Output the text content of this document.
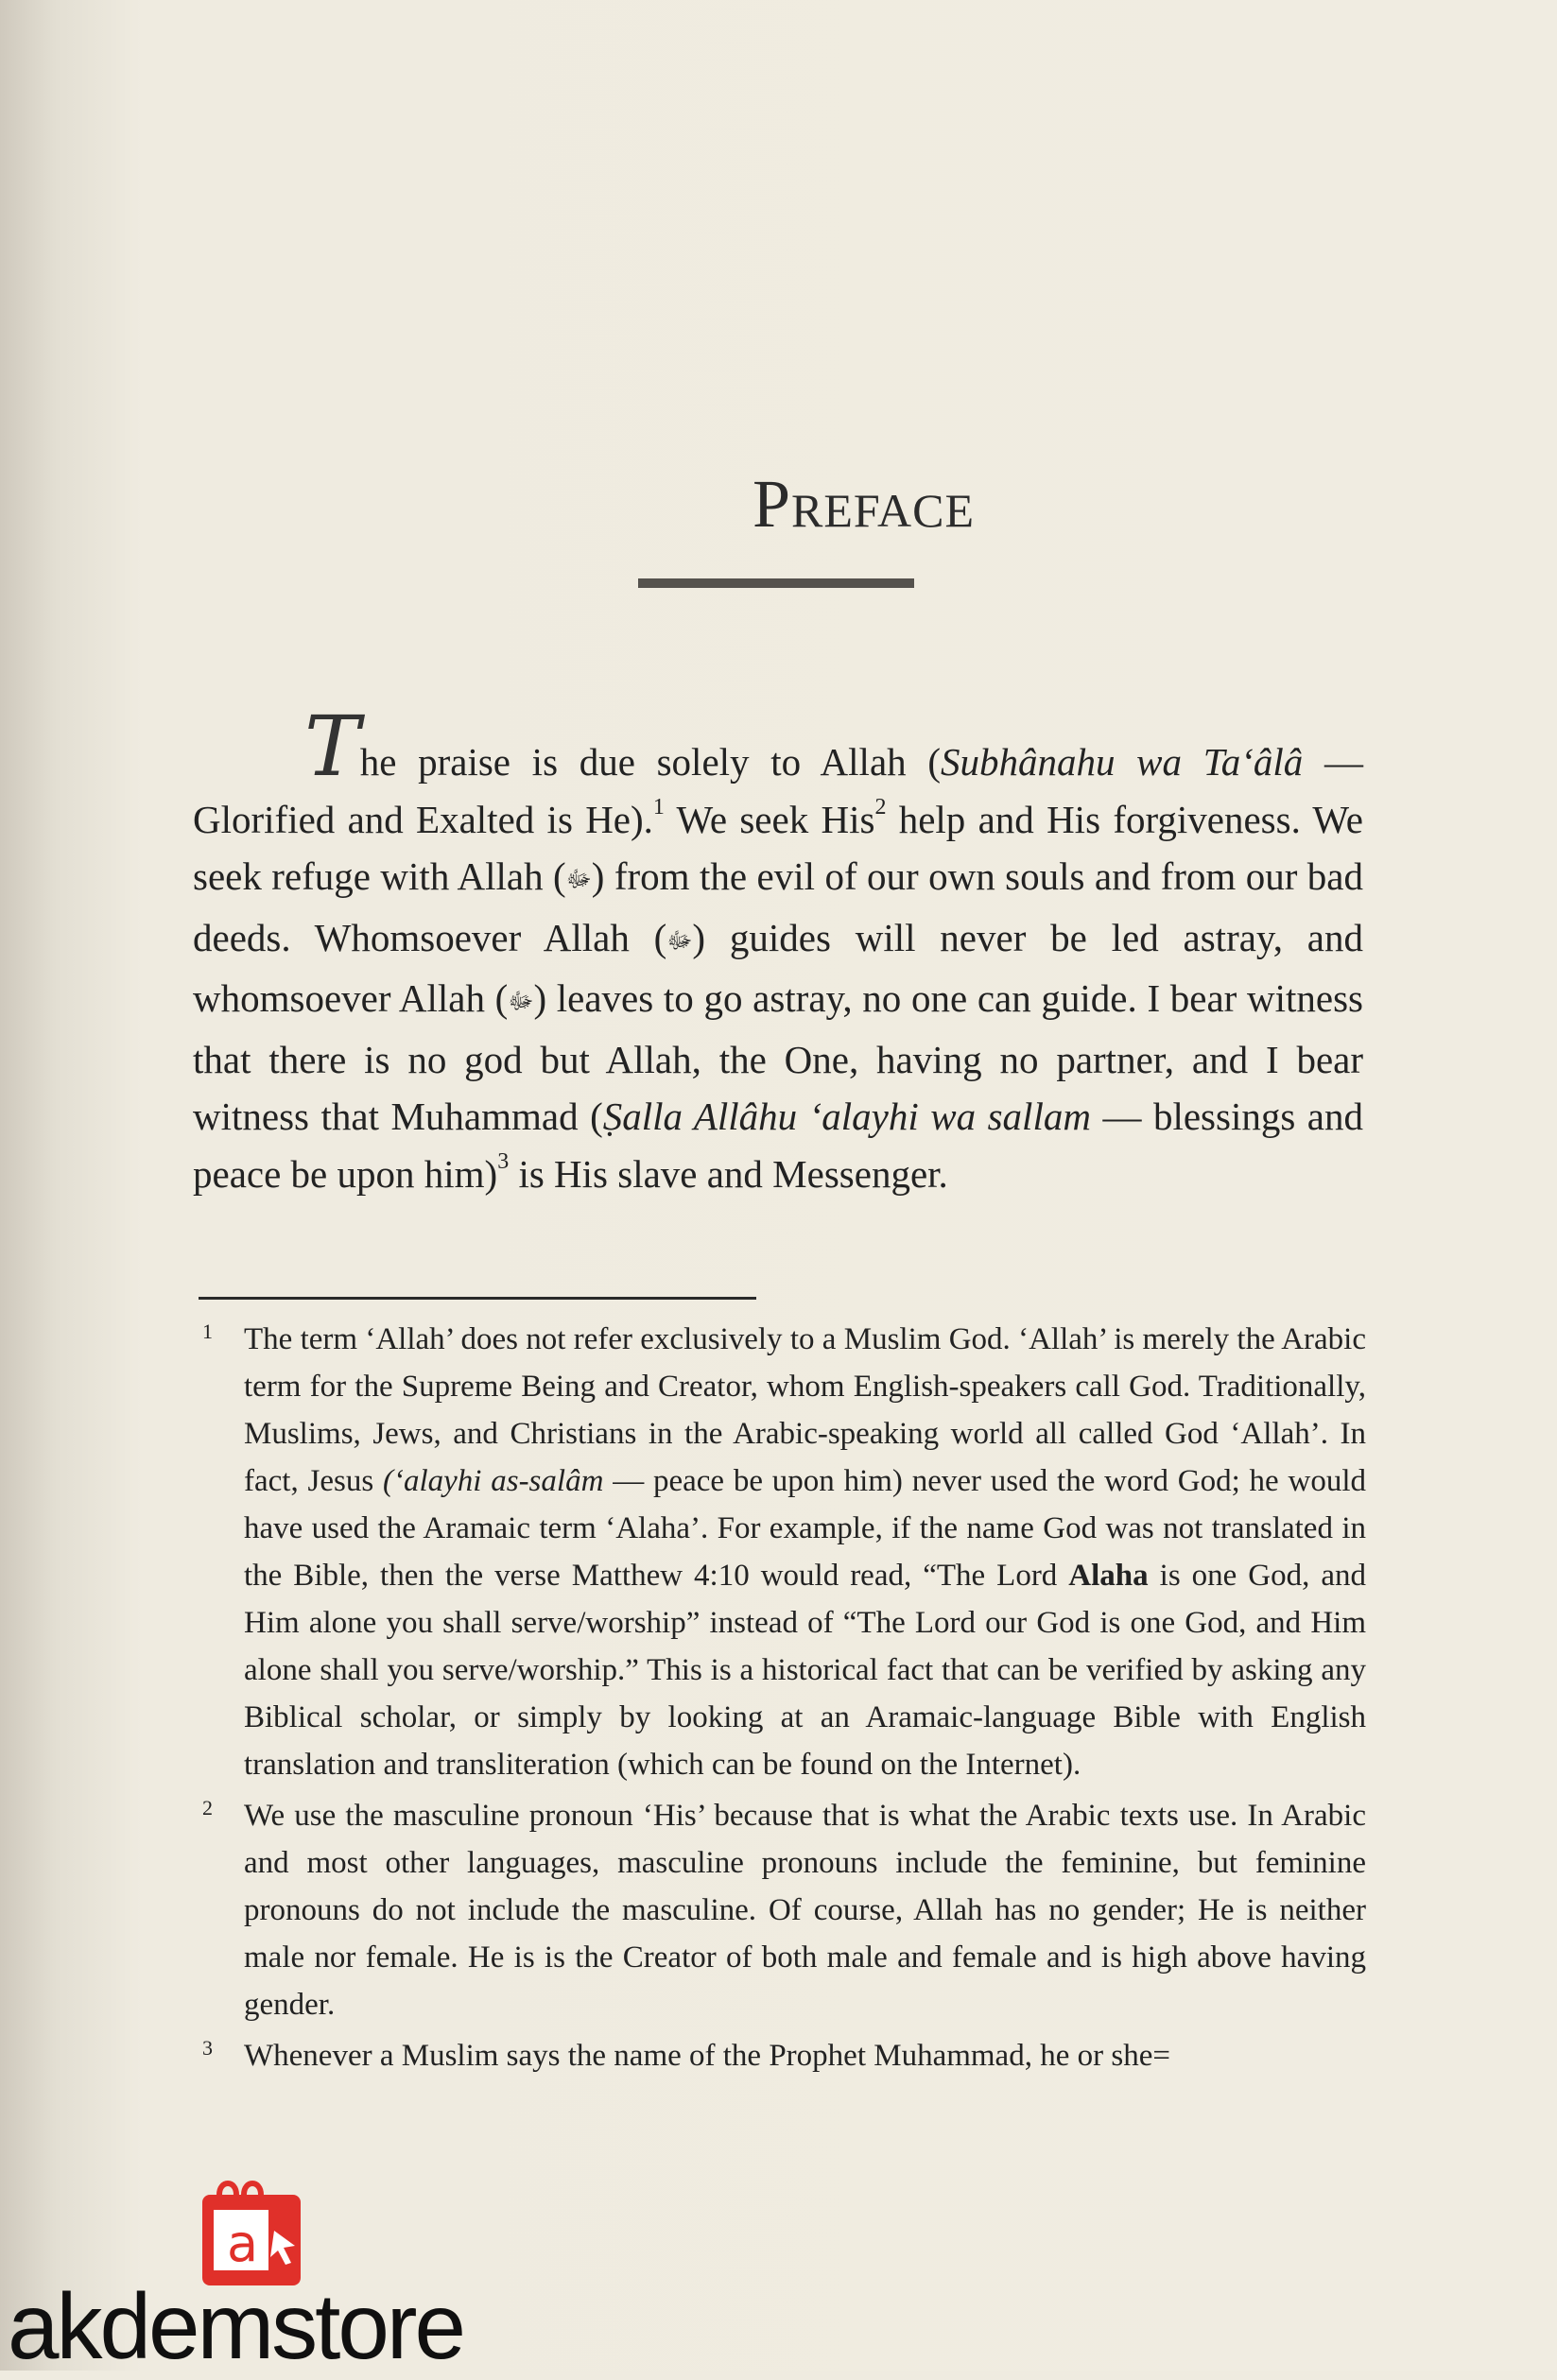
Preface
The praise is due solely to Allah (Subhânahu wa Ta‘âlâ — Glorified and Exalted is He).$^1$ We seek His$^2$ help and His forgiveness. We seek refuge with Allah (ﷻ) from the evil of our own souls and from our bad deeds. Whomsoever Allah (ﷻ) guides will never be led astray, and whomsoever Allah (ﷻ) leaves to go astray, no one can guide. I bear witness that there is no god but Allah, the One, having no partner, and I bear witness that Muhammad (Ṣalla Allâhu ‘alayhi wa sallam — blessings and peace be upon him)$^3$ is His slave and Messenger.
1 The term ‘Allah’ does not refer exclusively to a Muslim God. ‘Allah’ is merely the Arabic term for the Supreme Being and Creator, whom English-speakers call God. Traditionally, Muslims, Jews, and Christians in the Arabic-speaking world all called God ‘Allah’. In fact, Jesus (‘alayhi as-salâm — peace be upon him) never used the word God; he would have used the Aramaic term ‘Alaha’. For example, if the name God was not translated in the Bible, then the verse Matthew 4:10 would read, “The Lord Alaha is one God, and Him alone you shall serve/worship” instead of “The Lord our God is one God, and Him alone shall you serve/worship.” This is a historical fact that can be verified by asking any Biblical scholar, or simply by looking at an Aramaic-language Bible with English translation and transliteration (which can be found on the Internet).
2 We use the masculine pronoun ‘His’ because that is what the Arabic texts use. In Arabic and most other languages, masculine pronouns include the feminine, but feminine pronouns do not include the masculine. Of course, Allah has no gender; He is neither male nor female. He is is the Creator of both male and female and is high above having gender.
3 Whenever a Muslim says the name of the Prophet Muhammad, he or she=
a
akdemstore
